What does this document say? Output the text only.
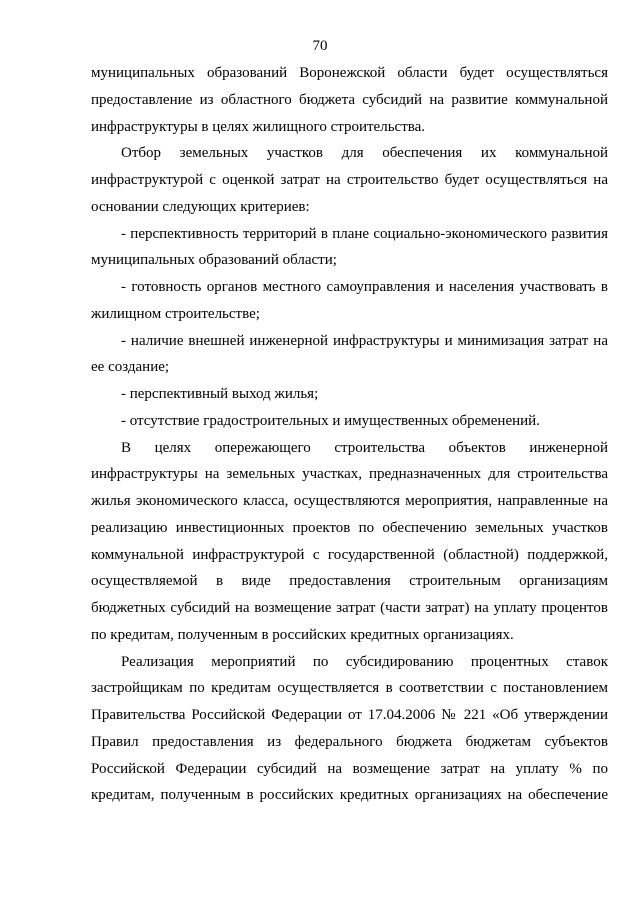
70
муниципальных образований Воронежской области будет осуществляться
предоставление из областного бюджета субсидий на развитие коммунальной
инфраструктуры в целях жилищного строительства.
Отбор земельных участков для обеспечения их коммунальной
инфраструктурой с оценкой затрат на строительство будет осуществляться на
основании следующих критериев:
- перспективность территорий в плане социально-экономического развития
муниципальных образований области;
- готовность органов местного самоуправления и населения участвовать в
жилищном строительстве;
- наличие внешней инженерной инфраструктуры и минимизация затрат на
ее создание;
- перспективный выход жилья;
- отсутствие градостроительных и имущественных обременений.
В целях опережающего строительства объектов инженерной
инфраструктуры на земельных участках, предназначенных для строительства
жилья экономического класса, осуществляются мероприятия, направленные на
реализацию инвестиционных проектов по обеспечению земельных участков
коммунальной инфраструктурой с государственной (областной) поддержкой,
осуществляемой в виде предоставления строительным организациям
бюджетных субсидий на возмещение затрат (части затрат) на уплату процентов
по кредитам, полученным в российских кредитных организациях.
Реализация мероприятий по субсидированию процентных ставок
застройщикам по кредитам осуществляется в соответствии с постановлением
Правительства Российской Федерации от 17.04.2006 № 221 «Об утверждении
Правил предоставления из федерального бюджета бюджетам субъектов
Российской Федерации субсидий на возмещение затрат на уплату % по
кредитам, полученным в российских кредитных организациях на обеспечение
